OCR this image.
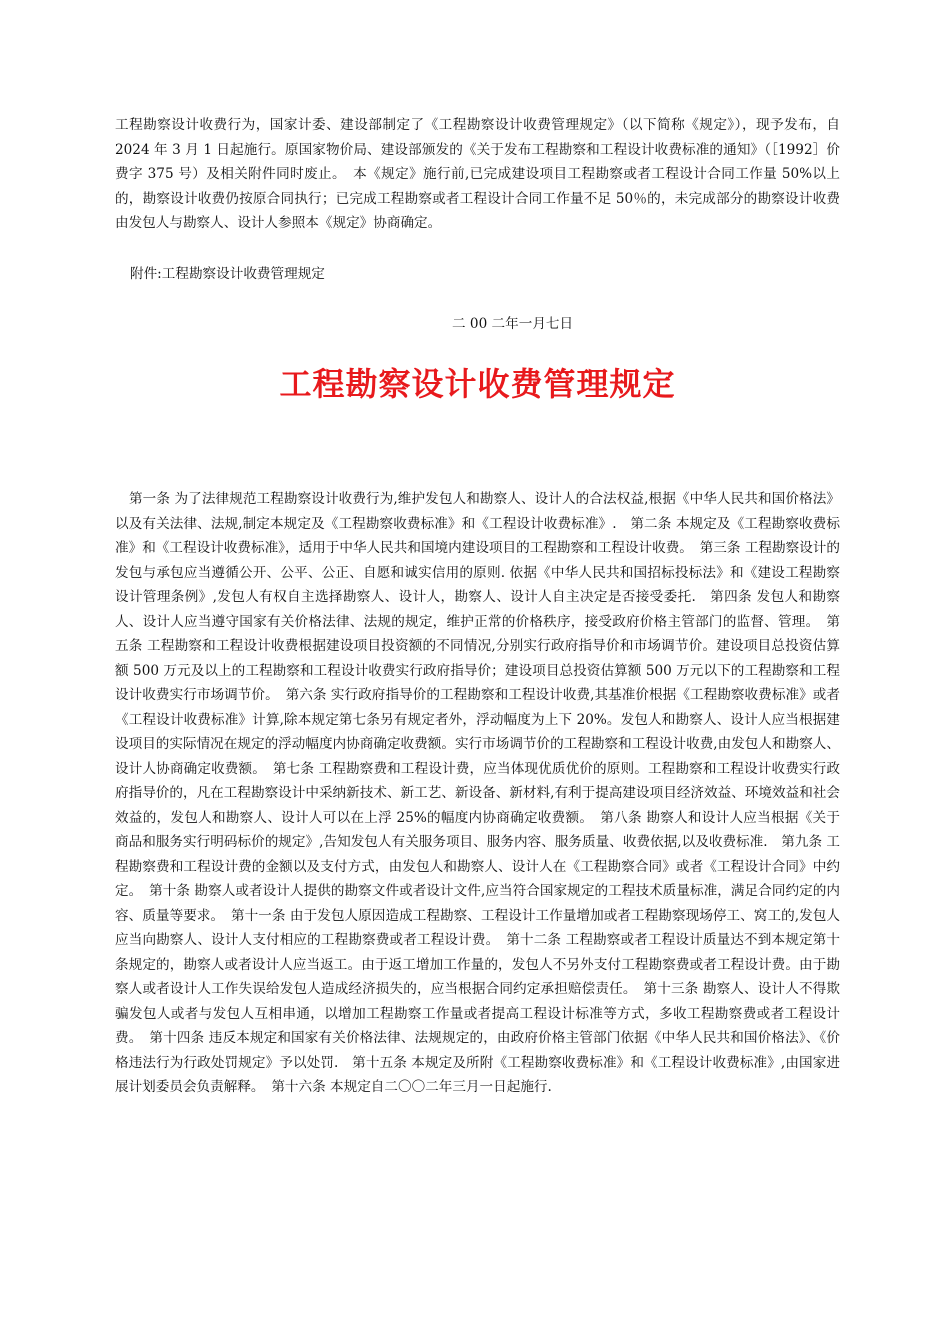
工程勘察设计收费行为，国家计委、建设部制定了《工程勘察设计收费管理规定》（以下简称《规定》），现予发布，自 2024 年 3 月 1 日起施行。原国家物价局、建设部颁发的《关于发布工程勘察和工程设计收费标准的通知》（［1992］价费字 375 号）及相关附件同时废止。　本《规定》施行前,已完成建设项目工程勘察或者工程设计合同工作量 50%以上的，勘察设计收费仍按原合同执行；已完成工程勘察或者工程设计合同工作量不足 50％的，未完成部分的勘察设计收费由发包人与勘察人、设计人参照本《规定》协商确定。

附件:工程勘察设计收费管理规定

二 00 二年一月七日

工程勘察设计收费管理规定

第一条 为了法律规范工程勘察设计收费行为,维护发包人和勘察人、设计人的合法权益,根据《中华人民共和国价格法》以及有关法律、法规,制定本规定及《工程勘察收费标准》和《工程设计收费标准》.　第二条 本规定及《工程勘察收费标准》和《工程设计收费标准》，适用于中华人民共和国境内建设项目的工程勘察和工程设计收费。　第三条 工程勘察设计的发包与承包应当遵循公开、公平、公正、自愿和诚实信用的原则. 依据《中华人民共和国招标投标法》和《建设工程勘察设计管理条例》,发包人有权自主选择勘察人、设计人，勘察人、设计人自主决定是否接受委托.　第四条 发包人和勘察人、设计人应当遵守国家有关价格法律、法规的规定，维护正常的价格秩序，接受政府价格主管部门的监督、管理。　第五条 工程勘察和工程设计收费根据建设项目投资额的不同情况,分别实行政府指导价和市场调节价。建设项目总投资估算额 500 万元及以上的工程勘察和工程设计收费实行政府指导价；建设项目总投资估算额 500 万元以下的工程勘察和工程设计收费实行市场调节价。　第六条 实行政府指导价的工程勘察和工程设计收费,其基准价根据《工程勘察收费标准》或者《工程设计收费标准》计算,除本规定第七条另有规定者外，浮动幅度为上下 20%。发包人和勘察人、设计人应当根据建设项目的实际情况在规定的浮动幅度内协商确定收费额。实行市场调节价的工程勘察和工程设计收费,由发包人和勘察人、设计人协商确定收费额。　第七条 工程勘察费和工程设计费，应当体现优质优价的原则。工程勘察和工程设计收费实行政府指导价的，凡在工程勘察设计中采纳新技术、新工艺、新设备、新材料,有利于提高建设项目经济效益、环境效益和社会效益的，发包人和勘察人、设计人可以在上浮 25%的幅度内协商确定收费额。　第八条 勘察人和设计人应当根据《关于商品和服务实行明码标价的规定》,告知发包人有关服务项目、服务内容、服务质量、收费依据,以及收费标准.　第九条 工程勘察费和工程设计费的金额以及支付方式，由发包人和勘察人、设计人在《工程勘察合同》或者《工程设计合同》中约定。　第十条 勘察人或者设计人提供的勘察文件或者设计文件,应当符合国家规定的工程技术质量标准，满足合同约定的内容、质量等要求。　第十一条 由于发包人原因造成工程勘察、工程设计工作量增加或者工程勘察现场停工、窝工的,发包人应当向勘察人、设计人支付相应的工程勘察费或者工程设计费。　第十二条 工程勘察或者工程设计质量达不到本规定第十条规定的，勘察人或者设计人应当返工。由于返工增加工作量的，发包人不另外支付工程勘察费或者工程设计费。由于勘察人或者设计人工作失误给发包人造成经济损失的，应当根据合同约定承担赔偿责任。　第十三条 勘察人、设计人不得欺骗发包人或者与发包人互相串通，以增加工程勘察工作量或者提高工程设计标准等方式，多收工程勘察费或者工程设计费。　第十四条 违反本规定和国家有关价格法律、法规规定的，由政府价格主管部门依据《中华人民共和国价格法》、《价格违法行为行政处罚规定》予以处罚.　第十五条 本规定及所附《工程勘察收费标准》和《工程设计收费标准》,由国家进展计划委员会负责解释。　第十六条 本规定自二〇〇二年三月一日起施行.
